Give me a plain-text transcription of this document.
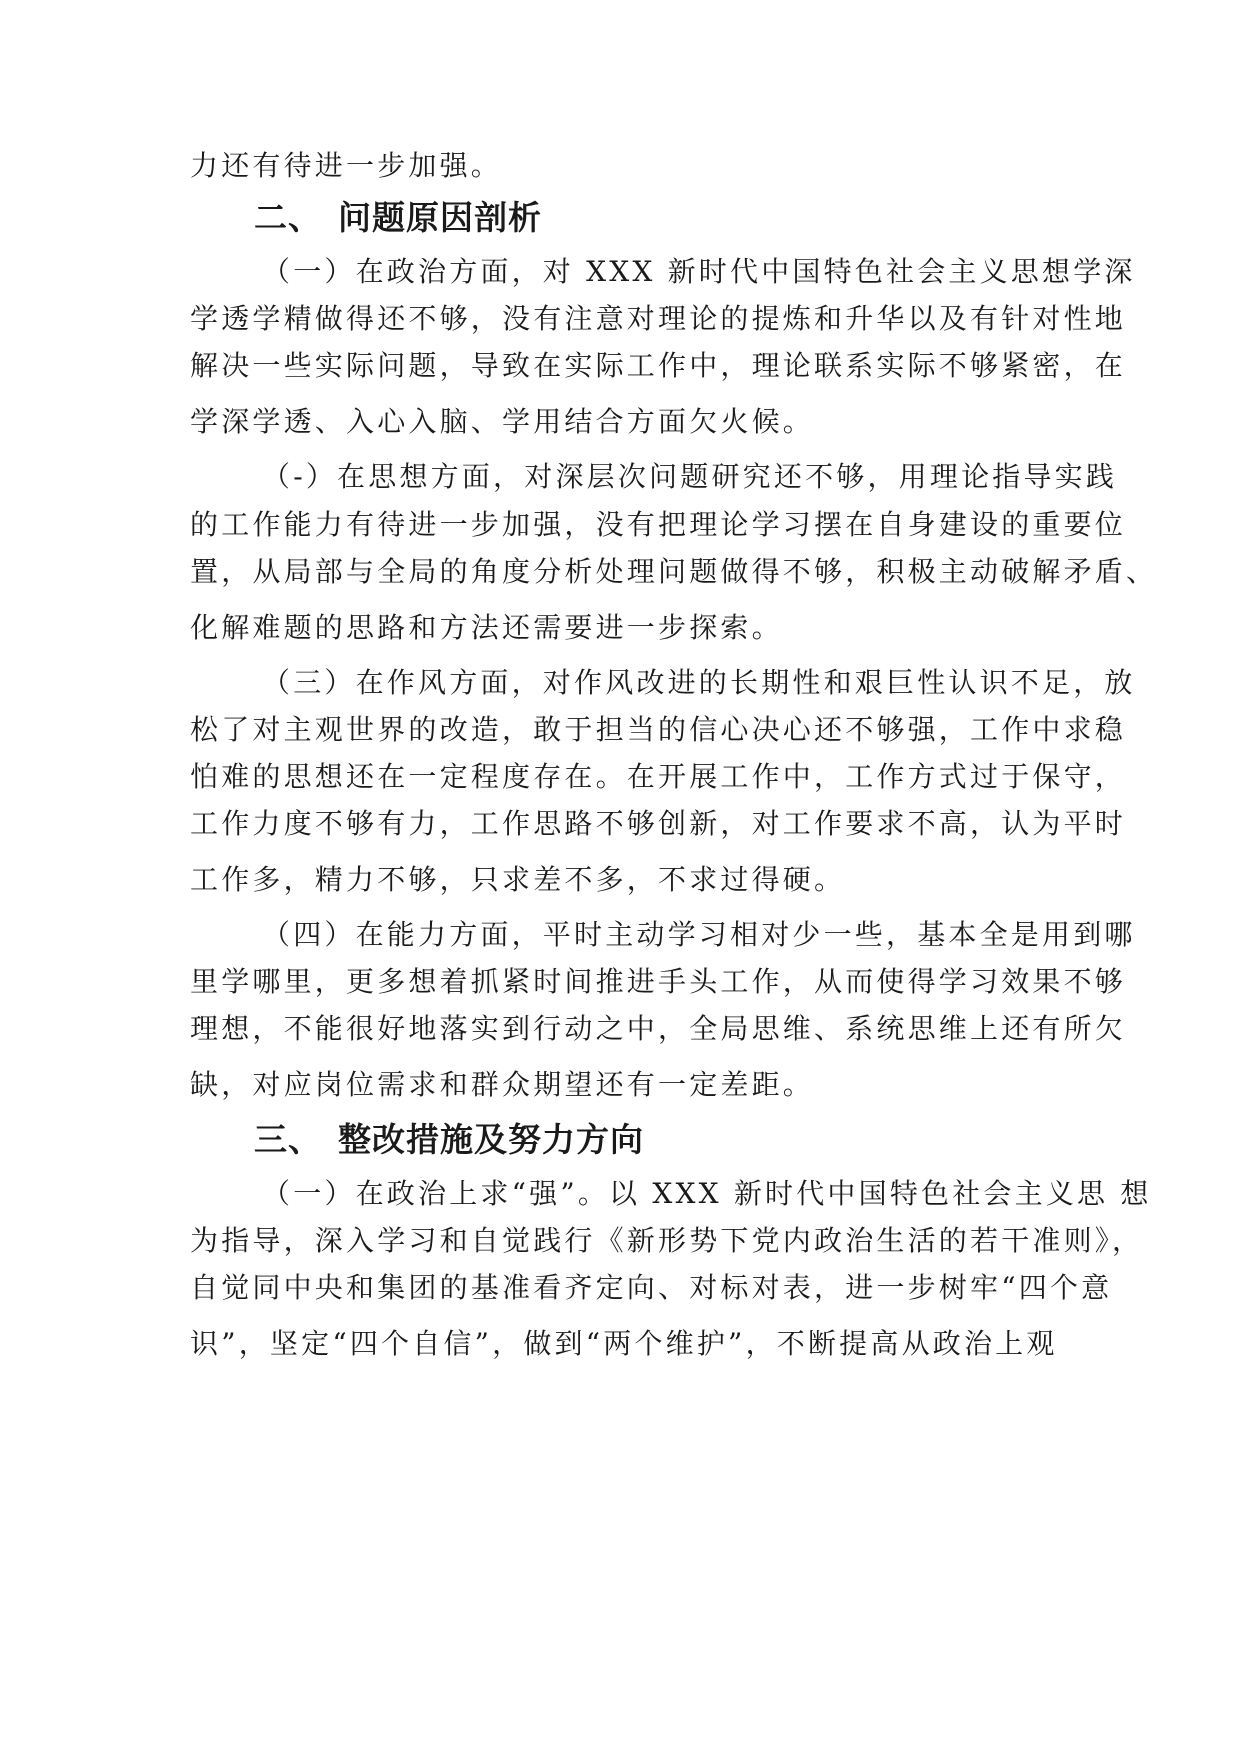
力还有待进一步加强。
二、 问题原因剖析
（一）在政治方面，对 XXX 新时代中国特色社会主义思想学深
学透学精做得还不够，没有注意对理论的提炼和升华以及有针对性地
解决一些实际问题，导致在实际工作中，理论联系实际不够紧密，在
学深学透、入心入脑、学用结合方面欠火候。
（-）在思想方面，对深层次问题研究还不够，用理论指导实践
的工作能力有待进一步加强，没有把理论学习摆在自身建设的重要位
置，从局部与全局的角度分析处理问题做得不够，积极主动破解矛盾、
化解难题的思路和方法还需要进一步探索。
（三）在作风方面，对作风改进的长期性和艰巨性认识不足，放
松了对主观世界的改造，敢于担当的信心决心还不够强，工作中求稳
怕难的思想还在一定程度存在。在开展工作中，工作方式过于保守，
工作力度不够有力，工作思路不够创新，对工作要求不高，认为平时
工作多，精力不够，只求差不多，不求过得硬。
（四）在能力方面，平时主动学习相对少一些，基本全是用到哪
里学哪里，更多想着抓紧时间推进手头工作，从而使得学习效果不够
理想，不能很好地落实到行动之中，全局思维、系统思维上还有所欠
缺，对应岗位需求和群众期望还有一定差距。
三、 整改措施及努力方向
（一）在政治上求“强”。以 XXX 新时代中国特色社会主义思 想
为指导，深入学习和自觉践行《新形势下党内政治生活的若干准则》，
自觉同中央和集团的基准看齐定向、对标对表，进一步树牢“四个意
识”，坚定“四个自信”，做到“两个维护”，不断提高从政治上观
